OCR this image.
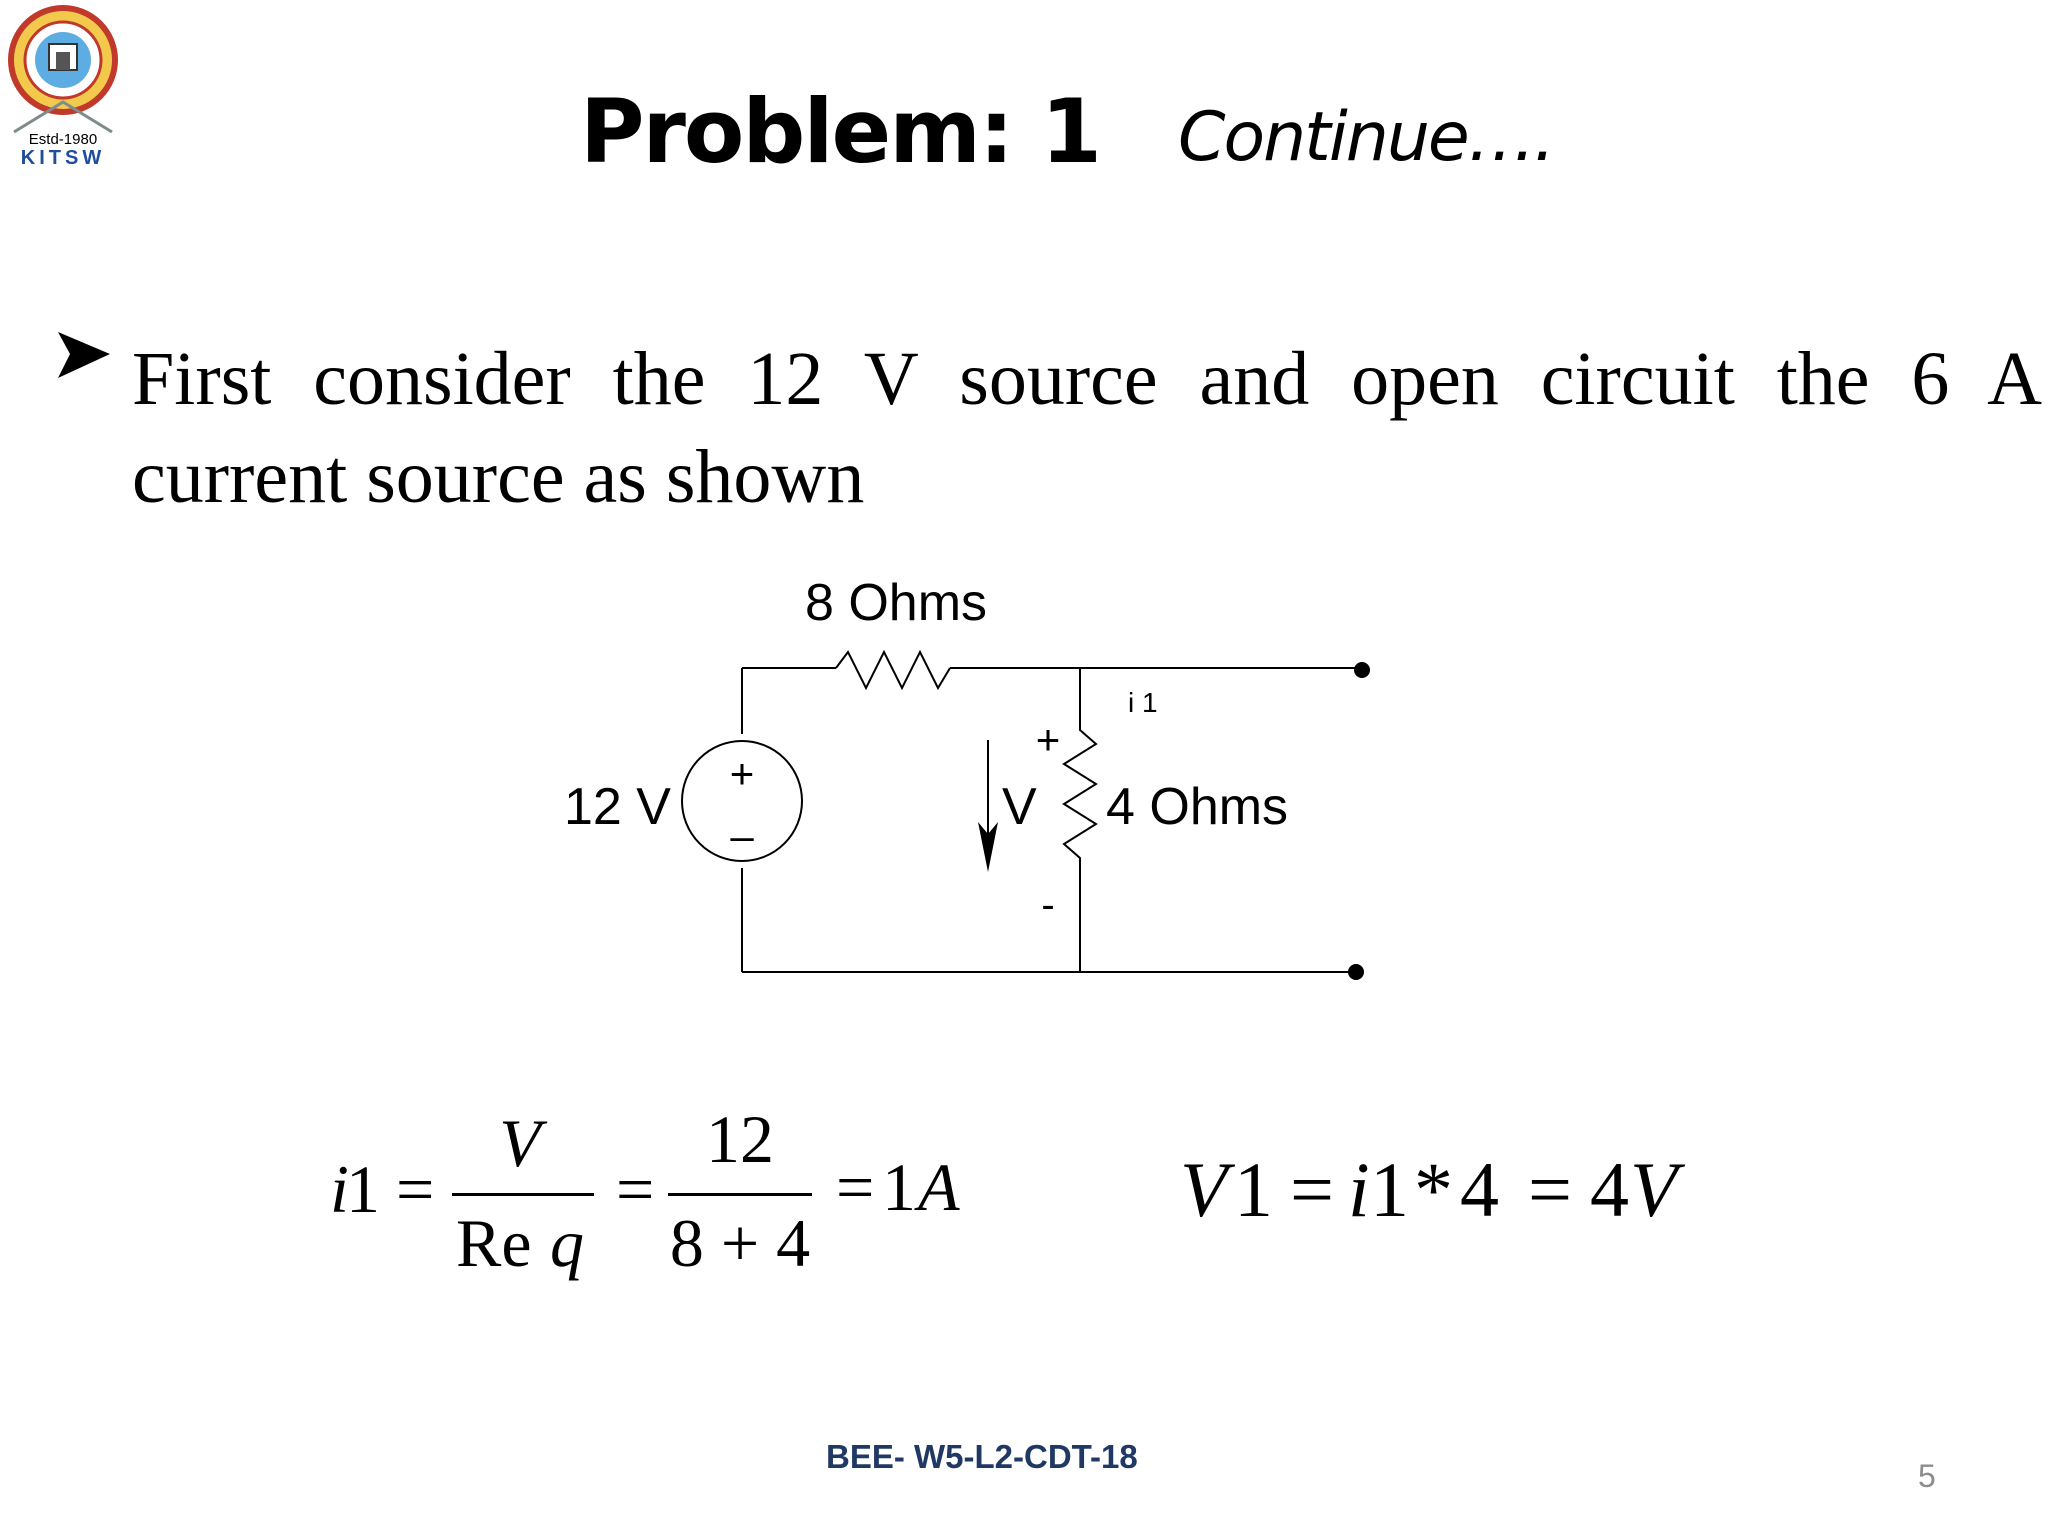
Estd-1980
KITSW	Problem: 1 Continue….
First consider the 12 V source and open circuit the 6 A
current source as shown
8 Ohms
12 V
+
–
i 1
+
-
V 4 Ohms
i
1 =
V
Re q
=
12
8 + 4
= 1 A	V 1 = i 1 * 4 = 4 V
BEE- W5-L2-CDT-18
5
